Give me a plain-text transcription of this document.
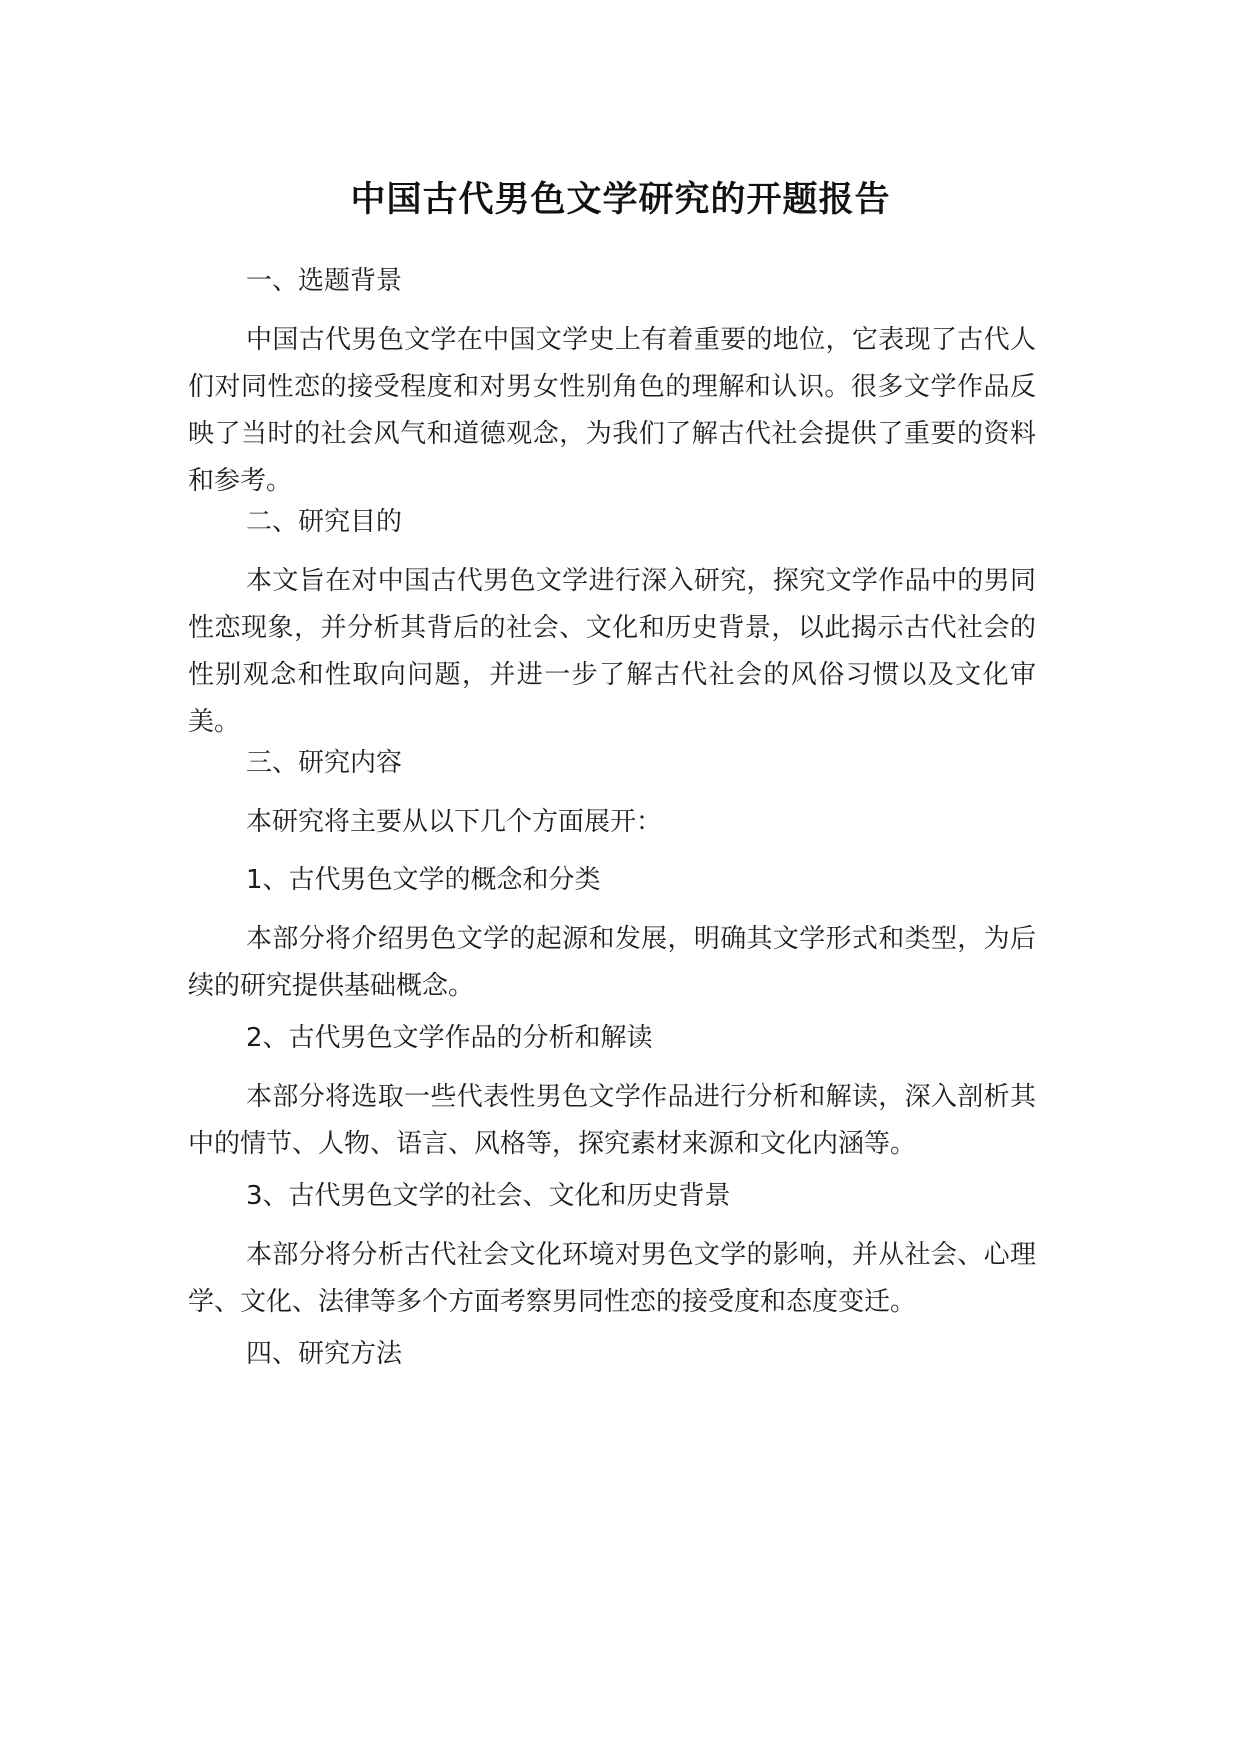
中国古代男色文学研究的开题报告
一、选题背景
中国古代男色文学在中国文学史上有着重要的地位，它表现了古代人们对同性恋的接受程度和对男女性别角色的理解和认识。很多文学作品反映了当时的社会风气和道德观念，为我们了解古代社会提供了重要的资料和参考。
二、研究目的
本文旨在对中国古代男色文学进行深入研究，探究文学作品中的男同性恋现象，并分析其背后的社会、文化和历史背景，以此揭示古代社会的性别观念和性取向问题，并进一步了解古代社会的风俗习惯以及文化审美。
三、研究内容
本研究将主要从以下几个方面展开：
1、古代男色文学的概念和分类
本部分将介绍男色文学的起源和发展，明确其文学形式和类型，为后续的研究提供基础概念。
2、古代男色文学作品的分析和解读
本部分将选取一些代表性男色文学作品进行分析和解读，深入剖析其中的情节、人物、语言、风格等，探究素材来源和文化内涵等。
3、古代男色文学的社会、文化和历史背景
本部分将分析古代社会文化环境对男色文学的影响，并从社会、心理学、文化、法律等多个方面考察男同性恋的接受度和态度变迁。
四、研究方法
